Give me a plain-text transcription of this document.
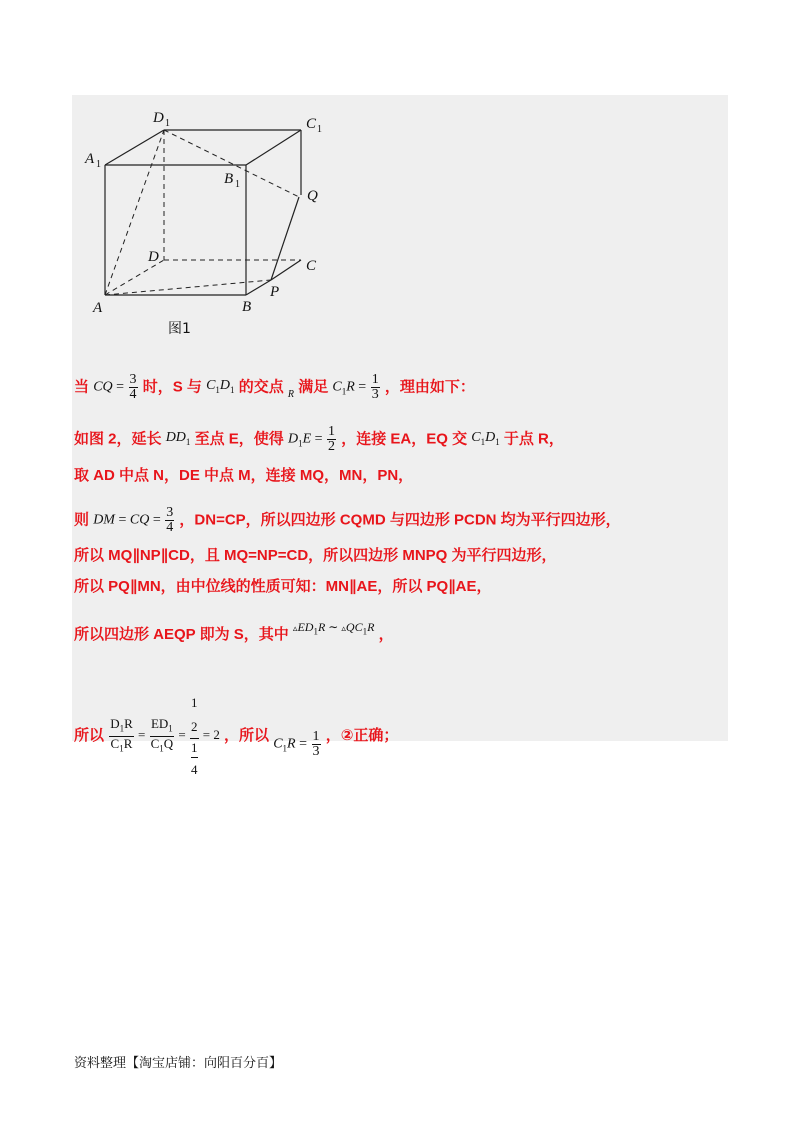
D 1	C 1
A 1
B 1
Q
D
C
A	B
P
图1
当 CQ = $\frac{3}{4}$ 时，S 与 $C_1D_1$ 的交点 R 满足 $C_1R = \frac{1}{3}$ ，理由如下：
如图 2，延长 $DD_1$ 至点 E，使得 $D_1E = \frac{1}{2}$ ，连接 EA，EQ 交 $C_1D_1$ 于点 R，
取 AD 中点 N，DE 中点 M，连接 MQ，MN，PN，
则 DM = CQ = $\frac{3}{4}$ ，DN=CP，所以四边形 CQMD 与四边形 PCDN 均为平行四边形，
所以 MQ∥NP∥CD，且 MQ=NP=CD，所以四边形 MNPQ 为平行四边形，
所以 PQ∥MN，由中位线的性质可知：MN∥AE，所以 PQ∥AE，
所以四边形 AEQP 即为 S，其中 $▵ED_1R$ ∼ $▵QC_1R$ ，
所以 $\frac{D_1R}{C_1R} = \frac{ED_1}{C_1Q} = 1$
2
1
4 = 2 ，所以 $C_1R = \frac{1}{3}$ ，②正确；
资料整理【淘宝店铺：向阳百分百】
